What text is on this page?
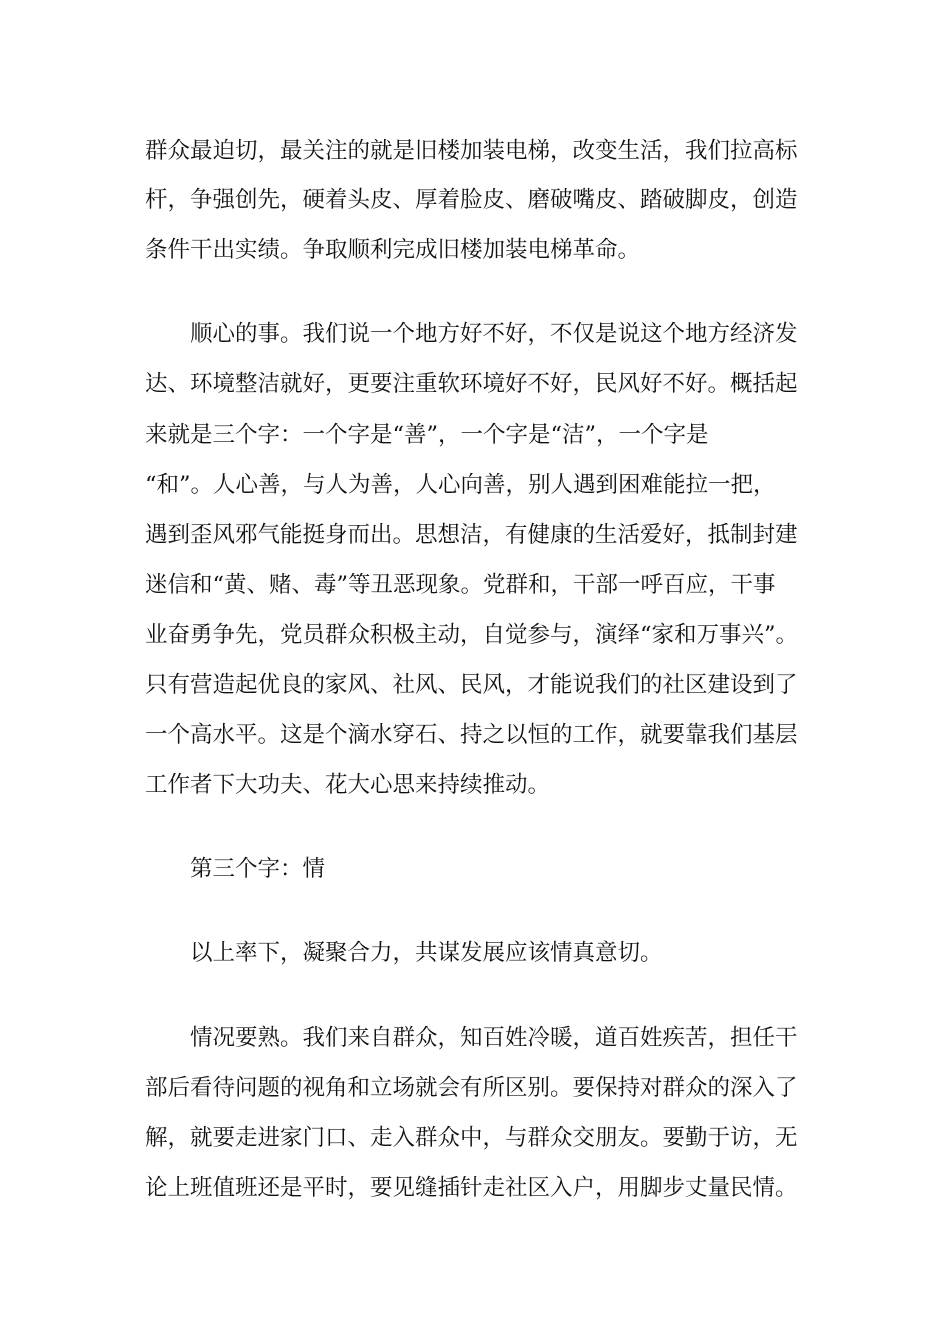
群众最迫切，最关注的就是旧楼加装电梯，改变生活，我们拉高标
杆，争强创先，硬着头皮、厚着脸皮、磨破嘴皮、踏破脚皮，创造
条件干出实绩。争取顺利完成旧楼加装电梯革命。
顺心的事。我们说一个地方好不好，不仅是说这个地方经济发
达、环境整洁就好，更要注重软环境好不好，民风好不好。概括起
来就是三个字：一个字是“善”，一个字是“洁”，一个字是
“和”。人心善，与人为善，人心向善，别人遇到困难能拉一把，
遇到歪风邪气能挺身而出。思想洁，有健康的生活爱好，抵制封建
迷信和“黄、赌、毒”等丑恶现象。党群和，干部一呼百应，干事
业奋勇争先，党员群众积极主动，自觉参与，演绎“家和万事兴”。
只有营造起优良的家风、社风、民风，才能说我们的社区建设到了
一个高水平。这是个滴水穿石、持之以恒的工作，就要靠我们基层
工作者下大功夫、花大心思来持续推动。
第三个字：情
以上率下，凝聚合力，共谋发展应该情真意切。
情况要熟。我们来自群众，知百姓冷暖，道百姓疾苦，担任干
部后看待问题的视角和立场就会有所区别。要保持对群众的深入了
解，就要走进家门口、走入群众中，与群众交朋友。要勤于访，无
论上班值班还是平时，要见缝插针走社区入户，用脚步丈量民情。
